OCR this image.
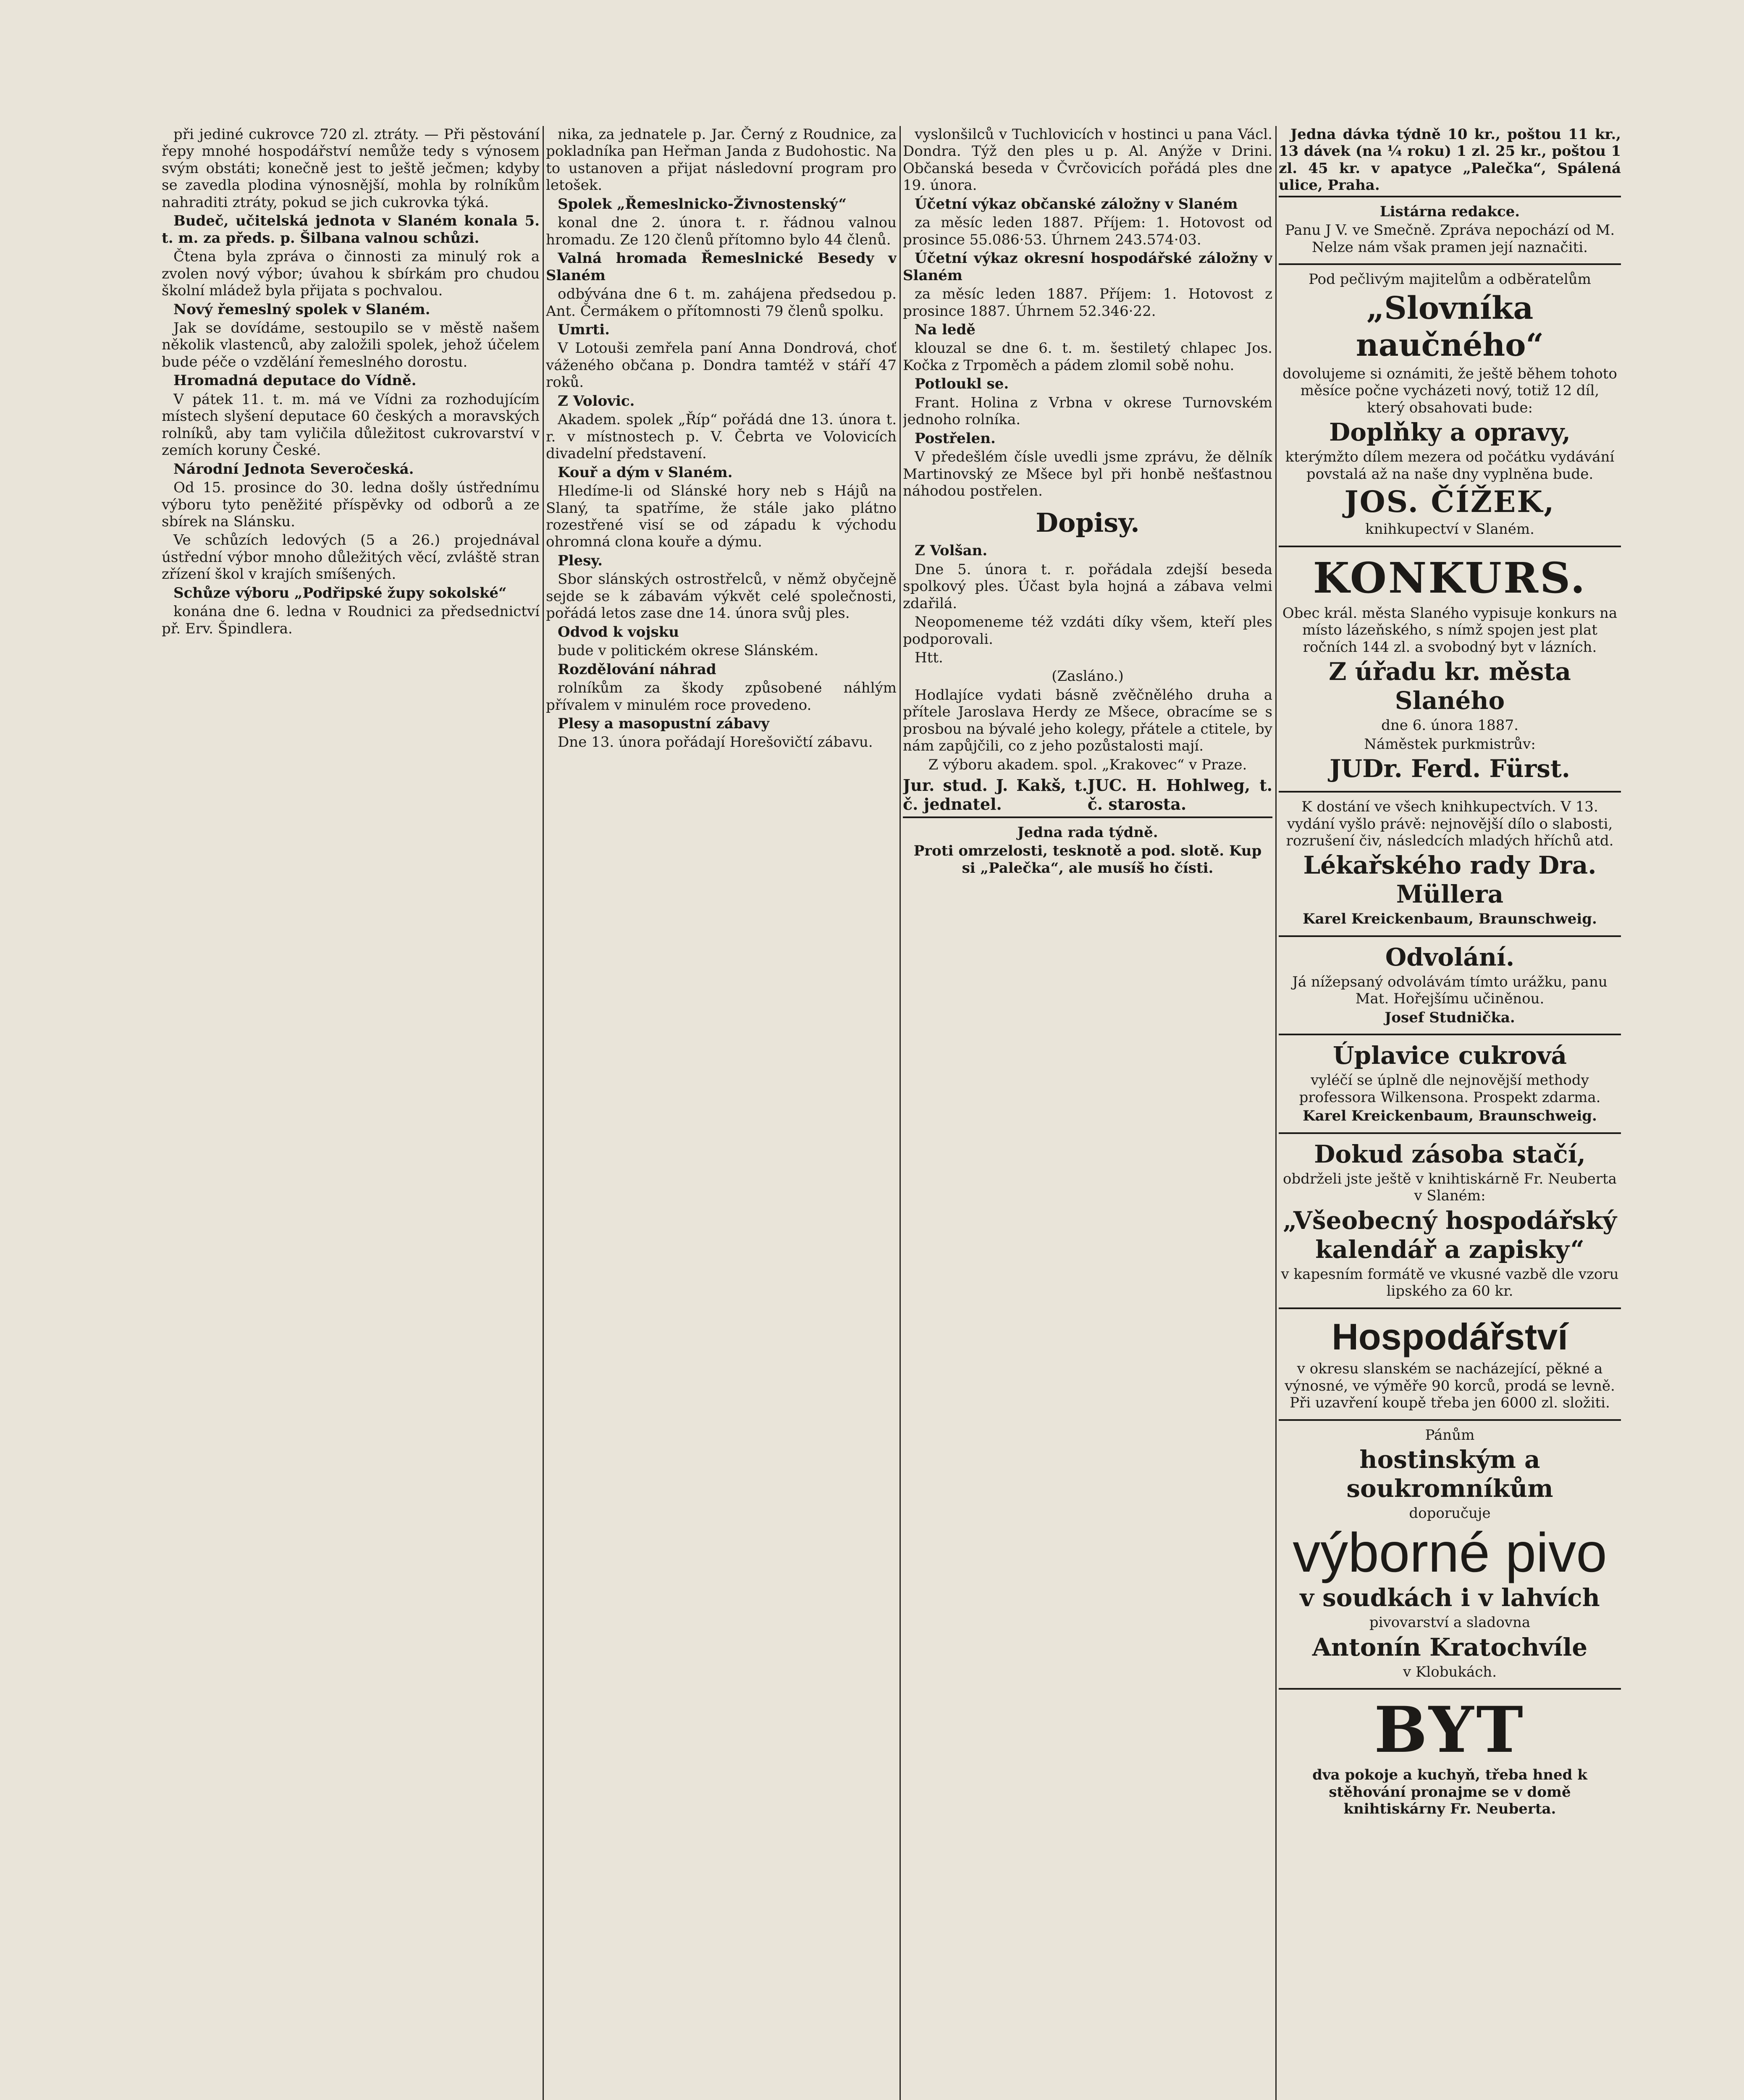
při jediné cukrovce 720 zl. ztráty. — Při pěstování řepy mnohé hospodářství nemůže tedy s výnosem svým obstáti; konečně jest to ještě ječmen; kdyby se zavedla plodina výnosnější, mohla by rolníkům nahraditi ztráty, pokud se jich cukrovka týká.

Budeč, učitelská jednota v Slaném konala 5. t. m. za předs. p. Šilbana valnou schůzi.

Čtena byla zpráva o činnosti za minulý rok a zvolen nový výbor; úvahou k sbírkám pro chudou školní mládež byla přijata s pochvalou.

Nový řemeslný spolek v Slaném.

Jak se dovídáme, sestoupilo se v městě našem několik vlastenců, aby založili spolek, jehož účelem bude péče o vzdělání řemeslného dorostu.

Hromadná deputace do Vídně.

V pátek 11. t. m. má ve Vídni za rozhodujícím místech slyšení deputace 60 českých a moravských rolníků, aby tam vyličila důležitost cukrovarství v zemích koruny České.

Národní Jednota Severočeská.

Od 15. prosince do 30. ledna došly ústřednímu výboru tyto peněžité příspěvky od odborů a ze sbírek na Slánsku.

Ve schůzích ledových (5 a 26.) projednával ústřední výbor mnoho důležitých věcí, zvláště stran zřízení škol v krajích smíšených.

Schůze výboru „Podřipské župy sokolské“

konána dne 6. ledna v Roudnici za předsednictví př. Erv. Špindlera.

nika, za jednatele p. Jar. Černý z Roudnice, za pokladníka pan Heřman Janda z Budohostic. Na to ustanoven a přijat následovní program pro letošek.

Spolek „Řemeslnicko-Živnostenský“

konal dne 2. února t. r. řádnou valnou hromadu. Ze 120 členů přítomno bylo 44 členů.

Valná hromada Řemeslnické Besedy v Slaném

odbývána dne 6 t. m. zahájena předsedou p. Ant. Čermákem o přítomnosti 79 členů spolku.

Umrti.

V Lotouši zemřela paní Anna Dondrová, choť váženého občana p. Dondra tamtéž v stáří 47 roků.

Z Volovic.

Akadem. spolek „Říp“ pořádá dne 13. února t. r. v místnostech p. V. Čebrta ve Volovicích divadelní představení.

Kouř a dým v Slaném.

Hledíme-li od Slánské hory neb s Hájů na Slaný, ta spatříme, že stále jako plátno rozestřené visí se od západu k východu ohromná clona kouře a dýmu.

Plesy.

Sbor slánských ostrostřelců, v němž obyčejně sejde se k zábavám výkvět celé společnosti, pořádá letos zase dne 14. února svůj ples.

Odvod k vojsku

bude v politickém okrese Slánském.

Rozdělování náhrad

rolníkům za škody způsobené náhlým přívalem v minulém roce provedeno.

Plesy a masopustní zábavy

Dne 13. února pořádají Horešovičtí zábavu.

vyslonšilců v Tuchlovicích v hostinci u pana Václ. Dondra. Týž den ples u p. Al. Anýže v Drini. Občanská beseda v Čvrčovicích pořádá ples dne 19. února.

Účetní výkaz občanské záložny v Slaném

za měsíc leden 1887. Příjem: 1. Hotovost od prosince 55.086·53. Úhrnem 243.574·03.

Účetní výkaz okresní hospodářské záložny v Slaném

za měsíc leden 1887. Příjem: 1. Hotovost z prosince 1887. Úhrnem 52.346·22.

Na ledě

klouzal se dne 6. t. m. šestiletý chlapec Jos. Kočka z Trpoměch a pádem zlomil sobě nohu.

Potloukl se.

Frant. Holina z Vrbna v okrese Turnovském jednoho rolníka.

Postřelen.

V předešlém čísle uvedli jsme zprávu, že dělník Martinovský ze Mšece byl při honbě nešťastnou náhodou postřelen.

Dopisy.

Z Volšan.

Dne 5. února t. r. pořádala zdejší beseda spolkový ples. Účast byla hojná a zábava velmi zdařilá.

Neopomeneme též vzdáti díky všem, kteří ples podporovali.

Htt.

(Zasláno.)

Hodlajíce vydati básně zvěčnělého druha a přítele Jaroslava Herdy ze Mšece, obracíme se s prosbou na bývalé jeho kolegy, přátele a ctitele, by nám zapůjčili, co z jeho pozůstalosti mají.

Z výboru akadem. spol. „Krakovec“ v Praze.

Jur. stud. J. Kakš, t. č. jednatel.
JUC. H. Hohlweg, t. č. starosta.

Jedna rada týdně.

Proti omrzelosti, tesknotě a pod. slotě. Kup si „Palečka“, ale musíš ho čísti.

Jedna dávka týdně 10 kr., poštou 11 kr., 13 dávek (na ¼ roku) 1 zl. 25 kr., poštou 1 zl. 45 kr. v apatyce „Palečka“, Spálená ulice, Praha.

Listárna redakce.

Panu J V. ve Smečně. Zpráva nepochází od M. Nelze nám však pramen její naznačiti.

Pod pečlivým majitelům a odběratelům

„Slovníka naučného“

dovolujeme si oznámiti, že ještě během tohoto měsíce počne vycházeti nový, totiž 12 díl, který obsahovati bude:

Doplňky a opravy,

kterýmžto dílem mezera od počátku vydávání povstalá až na naše dny vyplněna bude.

JOS. ČÍŽEK,

knihkupectví v Slaném.

KONKURS.

Obec král. města Slaného vypisuje konkurs na místo lázeňského, s nímž spojen jest plat ročních 144 zl. a svobodný byt v lázních.

Z úřadu kr. města Slaného

dne 6. února 1887.

Náměstek purkmistrův:

JUDr. Ferd. Fürst.

K dostání ve všech knihkupectvích. V 13. vydání vyšlo právě: nejnovější dílo o slabosti, rozrušení čiv, následcích mladých hříchů atd.

Lékařského rady Dra. Müllera

Karel Kreickenbaum, Braunschweig.

Odvolání.

Já nížepsaný odvolávám tímto urážku, panu Mat. Hořejšímu učiněnou.

Josef Studnička.

Úplavice cukrová

vyléčí se úplně dle nejnovější methody professora Wilkensona. Prospekt zdarma.

Karel Kreickenbaum, Braunschweig.

Dokud zásoba stačí,

obdrželi jste ještě v knihtiskárně Fr. Neuberta v Slaném:

„Všeobecný hospodářský kalendář a zapisky“

v kapesním formátě ve vkusné vazbě dle vzoru lipského za 60 kr.

Hospodářství

v okresu slanském se nacházející, pěkné a výnosné, ve výměře 90 korců, prodá se levně. Při uzavření koupě třeba jen 6000 zl. složiti.

Pánům

hostinským a soukromníkům

doporučuje

výborné pivo

v soudkách i v lahvích

pivovarství a sladovna

Antonín Kratochvíle

v Klobukách.

BYT

dva pokoje a kuchyň, třeba hned k stěhování pronajme se v domě knihtiskárny Fr. Neuberta.
